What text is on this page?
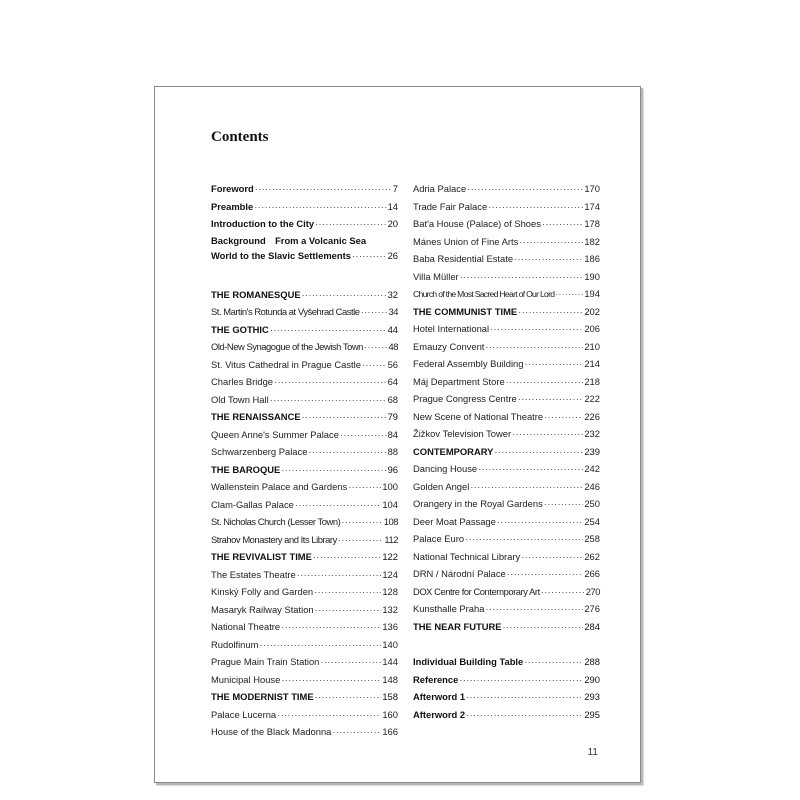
Contents
Foreword ·····	7
Preamble ·····	14
Introduction to the City ·····	20
Background　From a Volcanic Sea
World to the Slavic Settlements ·····	26
THE ROMANESQUE ·····	32
St. Martin's Rotunda at Vyšehrad Castle ·····	34
THE GOTHIC ·····	44
Old-New Synagogue of the Jewish Town ·····	48
St. Vitus Cathedral in Prague Castle ·····	56
Charles Bridge ·····	64
Old Town Hall ·····	68
THE RENAISSANCE ·····	79
Queen Anne's Summer Palace ·····	84
Schwarzenberg Palace ·····	88
THE BAROQUE ·····	96
Wallenstein Palace and Gardens ·····	100
Clam-Gallas Palace ·····	104
St. Nicholas Church (Lesser Town) ·····	108
Strahov Monastery and Its Library ·····	112
THE REVIVALIST TIME ·····	122
The Estates Theatre ·····	124
Kinský Folly and Garden ·····	128
Masaryk Railway Station ·····	132
National Theatre ·····	136
Rudolfinum ·····	140
Prague Main Train Station ·····	144
Municipal House ·····	148
THE MODERNIST TIME ·····	158
Palace Lucerna ·····	160
House of the Black Madonna ·····	166
Adria Palace ·····	170
Trade Fair Palace ·····	174
Bat'a House (Palace) of Shoes ·····	178
Mánes Union of Fine Arts ·····	182
Baba Residential Estate ·····	186
Villa Müller ·····	190
Church of the Most Sacred Heart of Our Lord ·····	194
THE COMMUNIST TIME ·····	202
Hotel International ·····	206
Emauzy Convent ·····	210
Federal Assembly Building ·····	214
Máj Department Store ·····	218
Prague Congress Centre ·····	222
New Scene of National Theatre ·····	226
Žižkov Television Tower ·····	232
CONTEMPORARY ·····	239
Dancing House ·····	242
Golden Angel ·····	246
Orangery in the Royal Gardens ·····	250
Deer Moat Passage ·····	254
Palace Euro ·····	258
National Technical Library ·····	262
DRN / Národní Palace ·····	266
DOX Centre for Contemporary Art ·····	270
Kunsthalle Praha ·····	276
THE NEAR FUTURE ·····	284
Individual Building Table ·····	288
Reference ·····	290
Afterword 1 ·····	293
Afterword 2 ·····	295
11
